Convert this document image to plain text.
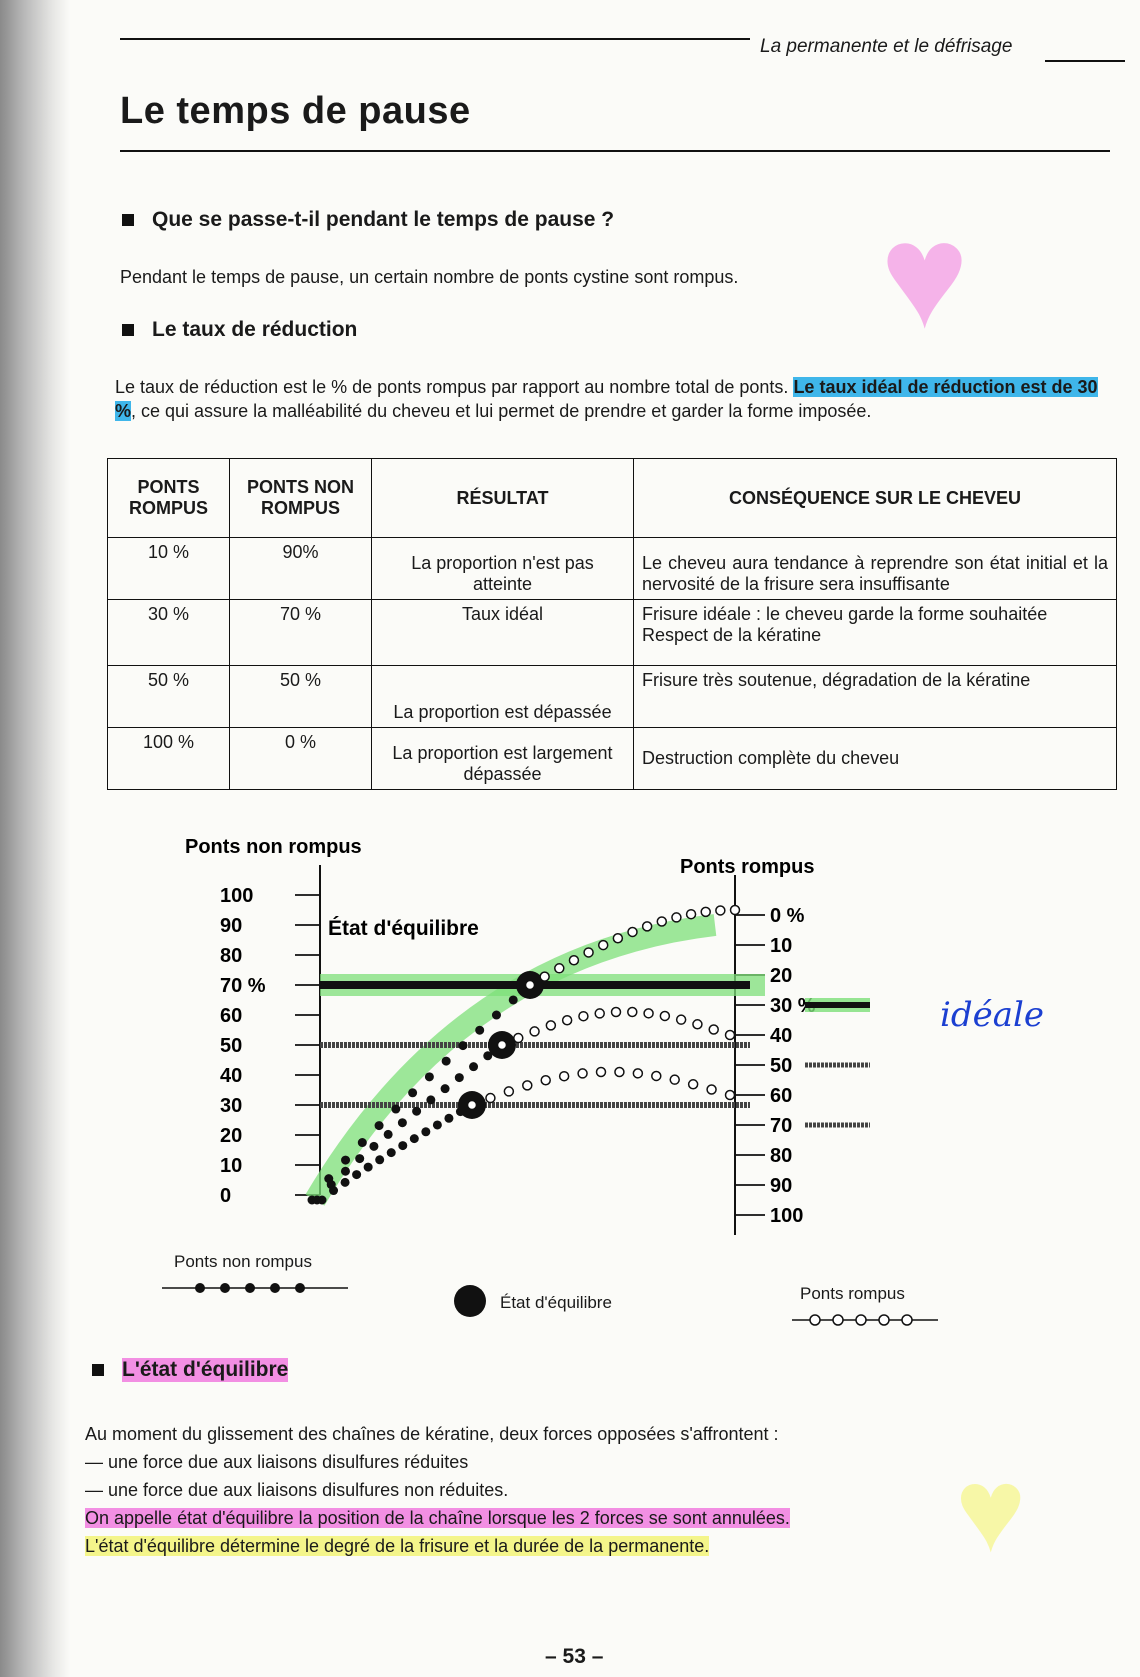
La permanente et le défrisage
Le temps de pause
♥
♥
Que se passe-t-il pendant le temps de pause ?
Pendant le temps de pause, un certain nombre de ponts cystine sont rompus.
Le taux de réduction
Le taux de réduction est le % de ponts rompus par rapport au nombre total de ponts. Le taux idéal de réduction est de 30 %, ce qui assure la malléabilité du cheveu et lui permet de prendre et garder la forme imposée.
PONTS ROMPUS	PONTS NON ROMPUS	RÉSULTAT	CONSÉQUENCE SUR LE CHEVEU
10 %	90%	La proportion n'est pas atteinte	Le cheveu aura tendance à reprendre son état initial et la nervosité de la frisure sera insuffisante
30 %	70 %	Taux idéal	Frisure idéale : le cheveu garde la forme souhaitée Respect de la kératine
50 %	50 %	La proportion est dépassée	Frisure très soutenue, dégradation de la kératine
100 %	0 %	La proportion est largement dépassée	Destruction complète du cheveu
Ponts non rompus
Ponts rompus
État d'équilibre
100
90
80
70 %
60
50
40
30
20
10
0
0 %
10
20
30 %
40
50
60
70
80
90
100
idéale
Ponts non rompus
État d'équilibre	Ponts rompus
L'état d'équilibre
Au moment du glissement des chaînes de kératine, deux forces opposées s'affrontent :
— une force due aux liaisons disulfures réduites
— une force due aux liaisons disulfures non réduites.
On appelle état d'équilibre la position de la chaîne lorsque les 2 forces se sont annulées.
L'état d'équilibre détermine le degré de la frisure et la durée de la permanente.
– 53 –
